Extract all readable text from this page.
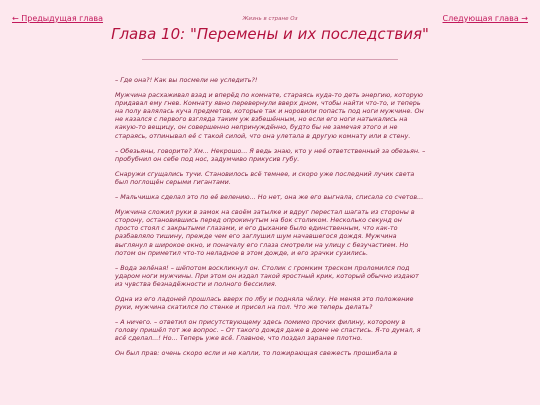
← Предыдущая глава	Жизнь в стране Оз	Следующая глава →
Глава 10: "Перемены и их последствия"

– Где она?! Как вы посмели не уследить?!

Мужчина расхаживал взад и вперёд по комнате, стараясь куда-то деть энергию, которую придавал ему гнев. Комнату явно перевернули вверх дном, чтобы найти что-то, и теперь на полу валялась куча предметов, которые так и норовили попасть под ноги мужчине. Он не казался с первого взгляда таким уж взбешённым, но если его ноги натыкались на какую-то вещицу, он совершенно непринуждённо, будто бы не замечая этого и не стараясь, отпинывал её с такой силой, что она улетала в другую комнату или в стену.

– Обезьяны, говорите? Хм... Некрошо... Я ведь знаю, кто у неё ответственный за обезьян. – пробубнил он себе под нос, задумчиво прикусив губу.

Снаружи сгущались тучи. Становилось всё темнее, и скоро уже последний лучик света был поглощён серыми гигантами.

– Мальчишка сделал это по её велению... Но нет, она же его выгнала, списала со счетов...

Мужчина сложил руки в замок на своём затылке и вдруг перестал шагать из стороны в сторону, остановившись перед опрокинутым на бок столиком. Несколько секунд он просто стоял с закрытыми глазами, и его дыхание было единственным, что как-то разбавляло тишину, прежде чем его заглушил шум начавшегося дождя. Мужчина выглянул в широкое окно, и поначалу его глаза смотрели на улицу с безучастием. Но потом он приметил что-то неладное в этом дожде, и его зрачки сузились.

– Вода зелёная! – шёпотом воскликнул он. Столик с громким треском проломился под ударом ноги мужчины. При этом он издал такой яростный крик, который обычно издают из чувства безнадёжности и полного бессилия.

Одна из его ладоней прошлась вверх по лбу и подняла чёлку. Не меняя это положение руки, мужчина скатился по стенке и присел на пол. Что же теперь делать?

– А ничего. – ответил он присутствующему здесь помимо прочих филину, которому в голову пришёл тот же вопрос. – От такого дождя даже в доме не спастись. Я-то думал, я всё сделал...! Но... Теперь уже всё. Главное, что поздал заранее плотно.

Он был прав: очень скоро если и не капли, то пожирающая свежесть прошибала в
